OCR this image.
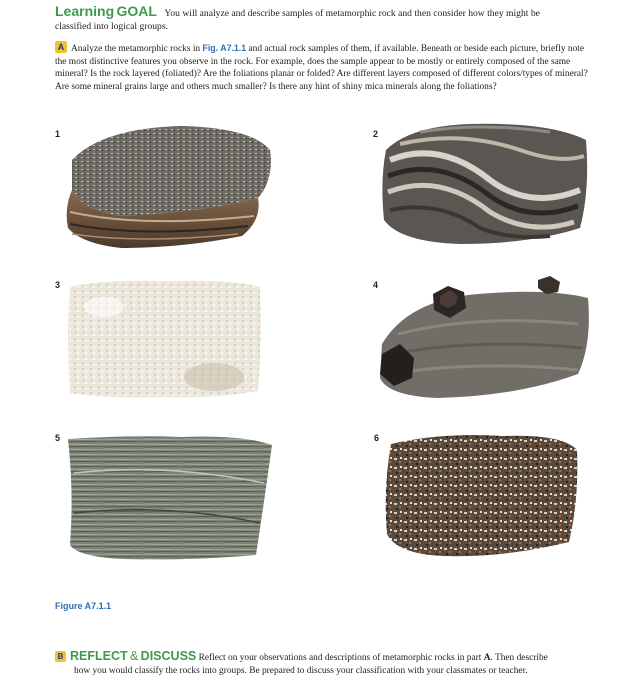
Learning GOAL You will analyze and describe samples of metamorphic rock and then consider how they might be
classified into logical groups.
A Analyze the metamorphic rocks in Fig. A7.1.1 and actual rock samples of them, if available. Beneath or beside each picture, briefly note the most distinctive features you observe in the rock. For example, does the sample appear to be mostly or entirely composed of the same mineral? Is the rock layered (foliated)? Are the foliations planar or folded? Are different layers composed of different colors/types of mineral? Are some mineral grains large and others much smaller? Is there any hint of shiny mica minerals along the foliations?
1	2
3	4
5	6
Figure A7.1.1
B REFLECT & DISCUSS Reflect on your observations and descriptions of metamorphic rocks in part A. Then describe
how you would classify the rocks into groups. Be prepared to discuss your classification with your classmates or teacher.
